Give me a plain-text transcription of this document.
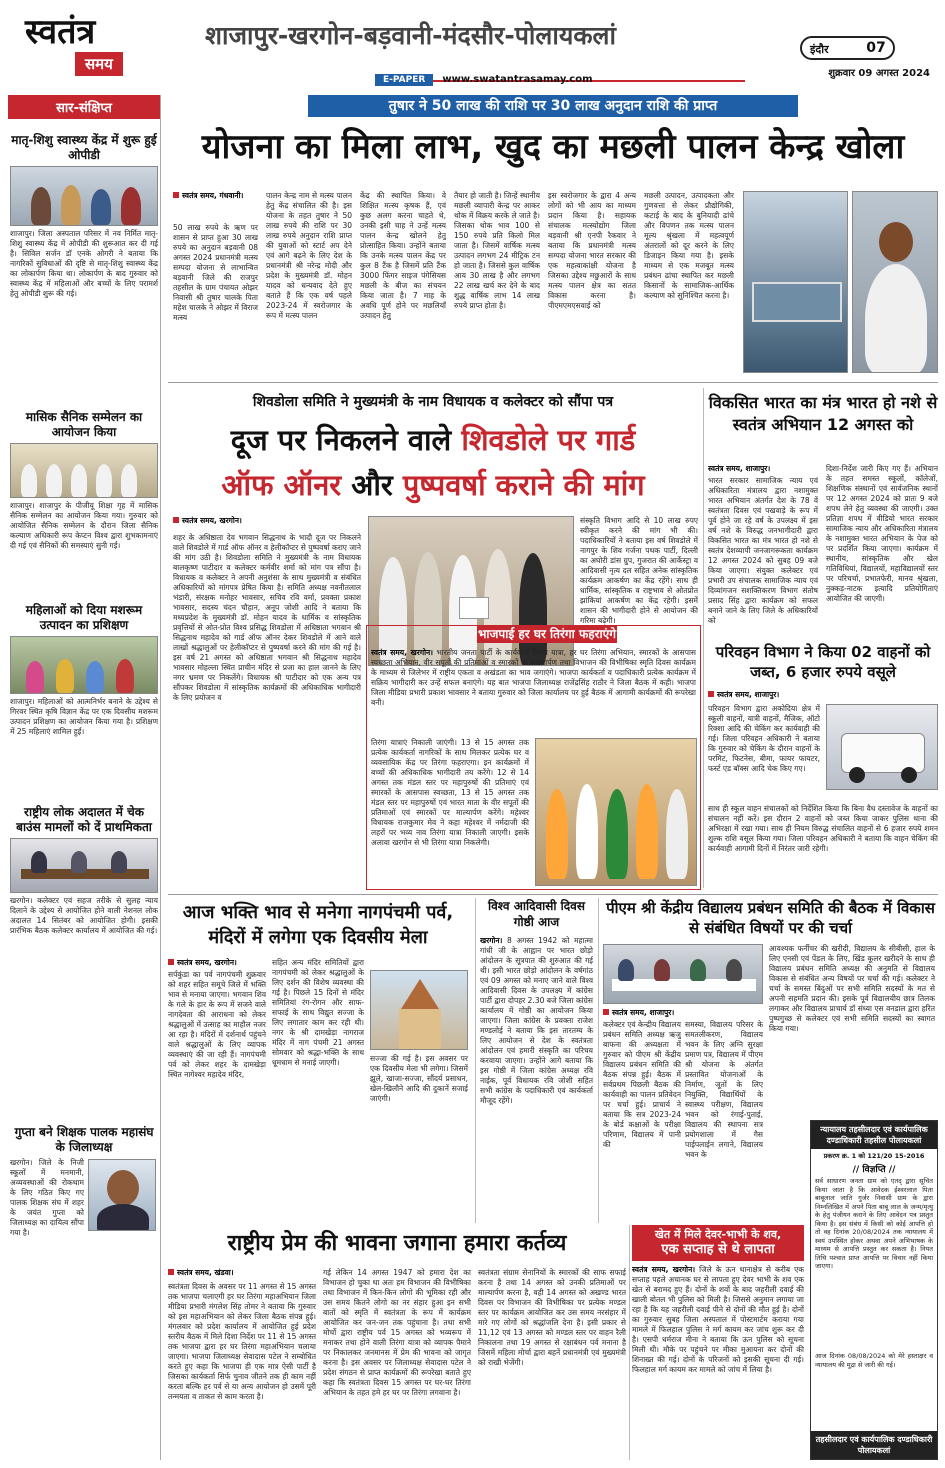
स्वतंत्र
समय
शाजापुर-खरगोन-बड़वानी-मंदसौर-पोलायकलां	इंदौर	07
शुक्रवार 09 अगस्त 2024
E-PAPER www.swatantrasamay.com
सार-संक्षिप्त
मातृ-शिशु स्वास्थ्य केंद्र में शुरू हुई ओपीडी
शाजापुर। जिला अस्पताल परिसर में नव निर्मित मातृ-शिशु स्वास्थ्य केंद्र में ओपीडी की शुरूआत कर दी गई है। सिविल सर्जन डॉ एनके ओगरी ने बताया कि नागरिकों सुविधाओं की दृष्टि से मातृ-शिशु स्वास्थ्य केंद्र का लोकार्पण किया था। लोकार्पण के बाद गुरुवार को स्वास्थ्य केंद्र में महिलाओं और बच्चों के लिए परामर्श हेतु ओपीडी शुरू की गई।
मासिक सैनिक सम्मेलन का आयोजन किया
शाजापुर। शाजापुर के पीजीयू शिक्षा गृह में मासिक सैनिक सम्मेलन का आयोजन किया गया। गुरुवार को आयोजित सैनिक सम्मेलन के दौरान जिला सैनिक कल्याण अधिकारी रूप केप्टन विश्व द्वारा शुभकामनाएं दी गई एवं सैनिकों की समस्याएं सुनी गईं।
महिलाओं को दिया मशरूम उत्पादन का प्रशिक्षण
शाजापुर। महिलाओं को आत्मनिर्भर बनाने के उद्देश्य से गिरवर स्थित कृषि विज्ञान केंद्र पर एक दिवसीय मशरूम उत्पादन प्रशिक्षण का आयोजन किया गया है। प्रशिक्षण में 25 महिलाएं शामिल हुईं।
राष्ट्रीय लोक अदालत में चेक बाउंस मामलों को दें प्राथमिकता
खरगोन। कलेक्टर एवं सहज तरीके से सुलह न्याय दिलाने के उद्देश्य से आयोजित होने वाली नेशनल लोक अदालत 14 सितंबर को आयोजित होगी। इसकी प्रारंभिक बैठक कलेक्टर कार्यालय में आयोजित की गई।
गुप्ता बने शिक्षक पालक महासंघ के जिलाध्यक्ष
खरगोन। जिले के निजी स्कूलों में मनमानी, अव्यवस्थाओं की रोकथाम के लिए गठित किए गए पालक शिक्षक संघ में शहर के जयंत गुप्ता को जिलाध्यक्ष का दायित्व सौंपा गया है।
तुषार ने 50 लाख की राशि पर 30 लाख अनुदान राशि की प्राप्त
योजना का मिला लाभ, खुद का मछली पालन केन्द्र खोला
स्वतंत्र समय, गंधवानी।
50 लाख रुपये के ऋण पर शासन से प्राप्त हुआ 30 लाख रुपये का अनुदान बड़वानी 08 अगस्त 2024 प्रधानमंत्री मत्स्य सम्पदा योजना से लाभान्वित बड़वानी जिले की राजपुर तहसील के ग्राम पंचायत ओझर निवासी श्री तुषार चालके पिता महेश चालके ने ओझर में विराज मत्स्य
पालन केन्द्र नाम से मत्स्य पालन हेतु केंद्र संचालित की है। इस योजना के तहत तुषार ने 50 लाख रुपये की राशि पर 30 लाख रुपये अनुदान राशि प्राप्त की युवाओं को स्टार्ट अप देने एवं आगे बढ़ने के लिए देश के प्रधानमंत्री श्री नरेन्द्र मोदी और प्रदेश के मुख्यमंत्री डॉ. मोहन यादव को धन्यवाद देते हुए बताते हैं कि एक वर्ष पहले 2023-24 में स्वरोजगार के रूप में मत्स्य पालन
केंद्र की स्थापित किया। वे शिक्षित मत्स्य कृषक हैं, एवं कुछ अलग करना चाहते थे, उनकी इसी चाह ने उन्हें मत्स्य पालन केन्द्र खोलने हेतु प्रोत्साहित किया। उन्होंने बताया कि उनके मत्स्य पालन केंद्र पर कुल 8 टैंक है जिसमें प्रति टैंक 3000 फिंगर साइज पंगेसियस मछली के बीज का संचयन किया जाता है। 7 माह के अवधि पूर्ण होने पर मछलियाँ उत्पादन हेतु
तैयार हो जाती है। जिन्हें स्थानीय मछली व्यापारी केन्द्र पर आकर थोक में विक्रय करके ले जाते है। जिसका थोक भाव 100 से 150 रुपये प्रति किलो मिल जाता है। जिसमें वार्षिक मत्स्य उत्पादन लगभग 24 मीट्रिक टन हो जाता है। जिससे कुल वार्षिक आय 30 लाख है और लगभग 22 लाख खर्च कर देने के बाद शुद्ध वार्षिक लाभ 14 लाख रुपये प्राप्त होता है।
इस स्वरोजगार के द्वारा 4 अन्य लोगों को भी आय का माध्यम प्रदान किया है। सहायक संचालक मत्स्योद्योग जिला बड़वानी श्री एनपी रैकवार ने बताया कि प्रधानमंत्री मत्स्य सम्पदा योजना भारत सरकार की एक महत्वाकांक्षी योजना है जिसका उद्देश्य मछुआरों के साथ मत्स्य पालन क्षेत्र का सतत विकास करना है। पीएमएमएसवाई को
मछली उत्पादन, उत्पादकता और गुणवत्ता से लेकर प्रौद्योगिकी, कटाई के बाद के बुनियादी ढांचे और विपणन तक मत्स्य पालन मूल्य श्रृंखला में महत्वपूर्ण अंतरालों को दूर करने के लिए डिजाइन किया गया है। इसके माध्यम से एक मजबूत मत्स्य प्रबंधन ढांचा स्थापित कर मछली किसानों के सामाजिक-आर्थिक कल्याण को सुनिश्चित करना है।
शिवडोला समिति ने मुख्यमंत्री के नाम विधायक व कलेक्टर को सौंपा पत्र
दूज पर निकलने वाले शिवडोले पर गार्ड
ऑफ ऑनर और पुष्पवर्षा कराने की मांग
स्वतंत्र समय, खरगोन।
शहर के अधिष्ठाता देव भगवान सिद्धनाथ के भादौ दूज पर निकलने वाले शिवडोले में गार्ड ऑफ ऑनर व हेलीकॉप्टर से पुष्पवर्षा कराए जाने की मांग उठी है। शिवडोला समिति ने मुख्यमंत्री के नाम विधायक बालकृष्ण पाटीदार व कलेक्टर कर्मवीर शर्मा को मांग पत्र सौंपा है। विधायक व कलेक्टर ने अपनी अनुशंसा के साथ मुख्यमंत्री व संबंधित अधिकारियों को मांगपत्र प्रेषित किया है। समिति अध्यक्ष नवनीतलाल भंडारी, संरक्षक मनोहर भावसार, सचिव रवि वर्मा, प्रवक्ता प्रकाश भावसार, सदस्य चंदन चौहान, अनूप जोशी आदि ने बताया कि मध्यप्रदेश के मुख्यमंत्री डॉ. मोहन यादव के धार्मिक व सांस्कृतिक प्रवृत्तियों से ओत-प्रोत विश्व प्रसिद्ध शिवडोला में अधिष्ठाता भगवान श्री सिद्धनाथ महादेव को गार्ड ऑफ ऑनर देकर शिवडोले में आने वाले लाखों श्रद्धालुओं पर हेलीकॉप्टर से पुष्पवर्षा करने की मांग की गई है। इस वर्ष 21 अगस्त को अधिष्ठाता भगवान श्री सिद्धनाथ महादेव भावसार मोहल्ला स्थित प्राचीन मंदिर से प्रजा का हाल जानने के लिए नगर भ्रमण पर निकलेंगे। विधायक श्री पाटीदार को एक अन्य पत्र सौंपकर शिवडोला में सांस्कृतिक कार्यक्रमों की अधिकाधिक भागीदारी के लिए प्रयोजन व
संस्कृति विभाग आदि से 10 लाख रुपए स्वीकृत करने की मांग भी की। पदाधिकारियों ने बताया इस वर्ष शिवडोले में नागपुर के शिव गर्जना पथक पार्टी, दिल्ली का अघोरी डांस ग्रुप, गुजरात की आर्केस्ट्रा व आदिवासी नृत्य दल सहित अनेक सांस्कृतिक कार्यक्रम आकर्षण का केंद्र रहेंगे। साथ ही धार्मिक, सांस्कृतिक व राष्ट्रभाव से ओतप्रोत झांकियां आकर्षण का केंद्र रहेगी। इसमें शासन की भागीदारी होने से आयोजन की गरिमा बढ़ेगी।
भाजपाई हर घर तिरंगा फहराएंगे
स्वतंत्र समय, खरगोन। भारतीय जनता पार्टी के कार्यकर्ता तिरंगा यात्रा, हर घर तिरंगा अभियान, स्मारकों के आसपास स्वच्छता अभियान, वीर सपूतों की प्रतिमाओं व स्मारकों पर माल्यार्पण तथा विभाजन की विभीषिका स्मृति दिवस कार्यक्रम के माध्यम से जिलेभर में राष्ट्रीय एकता व अखंडता का भाव जगाएंगे। भाजपा कार्यकर्ता व पदाधिकारी प्रत्येक कार्यक्रम में सक्रिय भागीदारी कर उन्हें सफल बनाएंगे। यह बात भाजपा जिलाध्यक्ष राजेंद्रसिंह राठौर ने जिला बैठक में कही। भाजपा जिला मीडिया प्रभारी प्रकाश भावसार ने बताया गुरुवार को जिला कार्यालय पर हुई बैठक में आगामी कार्यक्रमों की रूपरेखा बनी।
तिरंगा यात्राएं निकाली जाएंगी। 13 से 15 अगस्त तक प्रत्येक कार्यकर्ता नागरिकों के साथ मिलकर प्रत्येक घर व व्यवसायिक केंद्र पर तिरंगा फहराएगा। इन कार्यक्रमों में बच्चों की अधिकाधिक भागीदारी तय करेंगे। 12 से 14 अगस्त तक मंडल स्तर पर महापुरुषों की प्रतिमाएं एवं स्मारकों के आसपास स्वच्छता, 13 से 15 अगस्त तक मंडल स्तर पर महापुरुषों एवं भारत माता के वीर सपूतों की प्रतिमाओं एवं स्मारकों पर माल्यार्पण करेंगे। महेश्वर विधायक राजकुमार मेव ने कहा महेश्वर में नर्मदाजी की लहरों पर भव्य नाव तिरंगा यात्रा निकाली जाएगी। इसके अलावा खरगोन से भी तिरंगा यात्रा निकलेगी।
विकसित भारत का मंत्र भारत हो नशे से स्वतंत्र अभियान 12 अगस्त को
स्वतंत्र समय, शाजापुर।
भारत सरकार सामाजिक न्याय एवं अधिकारिता मंत्रालय द्वारा नशामुक्त भारत अभियान अंतर्गत देश के 78 वें स्वतंत्रता दिवस एवं पखवाड़े के रूप में पूर्व होने जा रहे वर्ष के उपलक्ष्य में इस वर्ष नशे के विरुद्ध जनभागीदारी द्वारा विकसित भारत का मंत्र भारत हो नशे से स्वतंत्र देशव्यापी जनजागरूकता कार्यक्रम 12 अगस्त 2024 को सुबह 09 बजे किया जाएगा। संयुक्त कलेक्टर एवं प्रभारी उप संचालक सामाजिक न्याय एवं दिव्यांगजन सशक्तिकरण विभाग संतोष प्रसाद सिंह द्वारा कार्यक्रम को सफल बनाने जाने के लिए जिले के अधिकारियों को
दिशा-निर्देश जारी किए गए हैं। अभियान के तहत समस्त स्कूलों, कॉलेजों, शिक्षणिक संस्थानों एवं सार्वजनिक स्थानों पर 12 अगस्त 2024 को प्रातः 9 बजे शपथ लेने हेतु व्यवस्था की जाएगी। उक्त प्रतिज्ञा शपथ में वीडियो भारत सरकार सामाजिक न्याय और अधिकारिता मंत्रालय के नशामुक्त भारत अभियान के पेज को पर प्रदर्शित किया जाएगा। कार्यक्रम में स्थानीय, सांस्कृतिक और खेल गतिविधियां, विद्यालयों, महाविद्यालयों स्तर पर परिचर्चा, प्रभातफेरी, मानव श्रृंखला, नुक्कड़-नाटक इत्यादि प्रतियोगिताएं आयोजित की जाएगी।
परिवहन विभाग ने किया 02 वाहनों को जब्त, 6 हजार रुपये वसूले
स्वतंत्र समय, शाजापुर।
परिवहन विभाग द्वारा अकोदिया क्षेत्र में स्कूली वाहनों, यात्री वाहनों, मैजिक, ऑटो रिक्शा आदि की चेकिंग कर कार्यवाही की गई। जिला परिवहन अधिकारी ने बताया कि गुरुवार को चेकिंग के दौरान वाहनों के परमिट, फिटनेस, बीमा, फायर फायटर, फर्स्ट एड बॉक्स आदि चेक किए गए।
साथ ही स्कूल वाहन संचालकों को निर्देशित किया कि बिना वैध दस्तावेज के वाहनों का संचालन नहीं करें। इस दौरान 2 वाहनों को जब्त किया जाकर पुलिस थाना की अभिरक्षा में रखा गया। साथ ही नियम विरुद्ध संचालित वाहनों से 6 हजार रुपये शमन शुल्क राशि वसूल किया गया। जिला परिवहन अधिकारी ने बताया कि वाहन चेकिंग की कार्यवाही आगामी दिनों में निरंतर जारी रहेगी।
आज भक्ति भाव से मनेगा नागपंचमी पर्व, मंदिरों में लगेगा एक दिवसीय मेला
स्वतंत्र समय, खरगोन।
सर्पकुंडा का पर्व नागपंचमी शुक्रवार को शहर सहित समूचे जिले में भक्ति भाव से मनाया जाएगा। भगवान शिव के गले के हार के रूप में सजने वाले नागदेवता की आराधना को लेकर श्रद्धालुओं में उत्साह का माहौल नजर आ रहा है। मंदिरों में दर्शनार्थ पहुंचने वाले श्रद्धालुओं के लिए व्यापक व्यवस्थाएं की जा रही हैं। नागपंचमी पर्व को लेकर शहर के दामखेड़ा स्थित नागेश्वर महादेव मंदिर,
सहित अन्य मंदिर समितियों द्वारा नागपंचमी को लेकर श्रद्धालुओं के लिए दर्शन की विशेष व्यवस्था की गई है। पिछले 15 दिनों से मंदिर समितियां रंग-रोगन और साफ-सफाई के साथ विद्युत सज्जा के लिए लगातार काम कर रही थी। नगर के श्री दामखेड़ा नागराज मंदिर में नाग पंचमी 21 अगस्त सोमवार को श्रद्धा-भक्ति के साथ धूमधाम से मनाई जाएगी।	सज्जा की गई है। इस अवसर पर एक दिवसीय मेला भी लगेगा। जिसमें झूले, खाजा-सज्जा, सौंदर्य प्रसाधन, खेल-खिलौने आदि की दुकानें सजाई जाएंगी।
विश्व आदिवासी दिवस गोष्ठी आज
खरगोन। 8 अगस्त 1942 को महात्मा गांधी जी के आह्वान पर भारत छोड़ो आंदोलन के सूत्रपात की शुरुआत की गई थी। इसी भारत छोड़ो आंदोलन के वर्षगांठ एवं 09 अगस्त को मनाए जाने वाले विश्व आदिवासी दिवस के उपलक्ष्य में कांग्रेस पार्टी द्वारा दोपहर 2.30 बजे जिला कांग्रेस कार्यालय में गोष्ठी का आयोजन किया जाएगा। जिला कांग्रेस के प्रवक्ता राजेश मण्डलोई ने बताया कि इस तारतम्य के लिए आयोजन से देश के स्वतंत्रता आंदोलन एवं हमारी संस्कृति का परिचय करवाया जाएगा। उन्होंने आगे बताया कि इस गोष्ठी में जिला कांग्रेस अध्यक्ष रवि नाईक, पूर्व विधायक रवि जोशी सहित सभी कांग्रेस के पदाधिकारी एवं कार्यकर्ता मौजूद रहेंगे।
पीएम श्री केंद्रीय विद्यालय प्रबंधन समिति की बैठक में विकास से संबंधित विषयों पर की चर्चा
आवश्यक फर्नीचर की खरीदी, विद्यालय के सीबीसी, हाल के लिए एनसी एवं पेंडल के लिए, खिंड कूलर खरीदने के साथ ही विद्यालय प्रबंधन समिति अध्यक्ष की अनुमति से विद्यालय विकास से संबंधित अन्य विषयों पर चर्चा की गई। कलेक्टर ने चर्चा के समस्त बिंदुओं पर सभी समिति सदस्यों के मत से अपनी सहमति प्रदान की। इसके पूर्व विद्यालयीय छात्र तिलक लगाकर और विद्यालय प्राचार्य डॉ संध्या एस वनडाल द्वारा हरित पुष्पगुच्छ से कलेक्टर एवं सभी समिति सदस्यों का स्वागत किया गया।
स्वतंत्र समय, शाजापुर।
कलेक्टर एवं केन्द्रीय विद्यालय प्रबंधन समिति अध्यक्ष ऋजु बाफना की अध्यक्षता में गुरुवार को पीएम श्री केंद्रीय विद्यालय प्रबंधन समिति की बैठक संपन्न हुई। बैठक में सर्वप्रथम पिछली बैठक की कार्यवाही का पालन प्रतिवेदन पर चर्चा हुई। प्राचार्य ने बताया कि सत्र 2023-24 के बोर्ड कक्षाओं के परीक्षा परिणाम, विद्यालय में पानी की
समस्या, विद्यालय परिसर के समतलीकरण, विद्यालय भवन के लिए अग्नि सुरक्षा प्रमाण पत्र, विद्यालय में पीएम श्री योजना के अंतर्गत प्रस्तावित योजनाओं के निर्माण, जूतों के लिए नियुक्ति, विद्यार्थियों के स्वास्थ्य परीक्षण, विद्यालय भवन को रंगाई-पुताई, विद्यालय की स्थापना सत्र प्रयोगशाला में गैस पाईपलाईन लगाने, विद्यालय भवन के
न्यायालय तहसीलदार एवं कार्यपालिक दण्डाधिकारी तहसील पोलायकलां
प्रकरण क्र. 1 को 121/20 15-2016
// विज्ञप्ति //
सर्व साधारण जनता ग्राम को एतद् द्वारा सूचित किया जाता है कि आवेदक ईश्वरलाल पिता बाबूलाल जाति गुर्जर निवासी ग्राम के द्वारा निम्नलिखित में अपने पिता बाबू लाल के जन्म/मृत्यु के हेतु पंजीयन कराने के लिए आवेदन पत्र प्रस्तुत किया है। इस संबंध में किसी को कोई आपत्ति हो तो वह दिनांक 20/08/2024 तक न्यायालय में स्वयं उपस्थित होकर अथवा अपने अभिभाषक के माध्यम से आपत्ति प्रस्तुत कर सकता है। नियत तिथि पश्चात प्राप्त आपत्ति पर विचार नहीं किया जाएगा।
आज दिनांक 08/08/2024 को मेरे हस्ताक्षर व न्यायालय की मुद्रा से जारी की गई।
तहसीलदार एवं कार्यपालिक दण्डाधिकारी पोलायकलां
खेत में मिले देवर-भाभी के शव,
एक सप्ताह से थे लापता
स्वतंत्र समय, खरगोन। जिले के ऊन थानाक्षेत्र से करीब एक सप्ताह पहले अचानक घर से लापता हुए देवर भाभी के शव एक खेत से बरामद हुए हैं। दोनों के शवों के बाद जहरीली दवाई की खाली बोतल भी पुलिस को मिली है। जिससे अनुमान लगाया जा रहा है कि यह जहरीली दवाई पीने से दोनों की मौत हुई है। दोनों का गुरुवार सुबह जिला अस्पताल में पोस्टमार्टम कराया गया मामले में फिलहाल पुलिस ने मर्ग कायम कर जांच शुरू कर दी है। एसपी धर्मराज मीना ने बताया कि ऊन पुलिस को सूचना मिली थी। मौके पर पहुंचने पर मीका मुआयना कर दोनों की शिनाख्त की गई। दोनों के परिजनों को इसकी सूचना दी गई। फिलहाल मर्ग कायम कर मामले को जांच में लिया है।
राष्ट्रीय प्रेम की भावना जगाना हमारा कर्तव्य
स्वतंत्र समय, खंडवा।
स्वतंत्रता दिवस के अवसर पर 11 अगस्त से 15 अगस्त तक भाजपा चलाएगी हर घर तिरंगा महाअभियान जिला मीडिया प्रभारी मंगलेश सिंह तोमर ने बताया कि गुरुवार को इस महाअभियान को लेकर जिला बैठक संपन्न हुई। मंगलवार को प्रदेश कार्यालय में आयोजित हुई प्रदेश स्तरीय बैठक में मिले दिशा निर्देश पर 11 से 15 अगस्त तक भाजपा द्वारा हर घर तिरंगा महाअभियान चलाया जाएगा। भाजपा जिलाध्यक्ष सेवादास पटेल ने सम्बोधित करते हुए कहा कि भाजपा ही एक मात्र ऐसी पार्टी है जिसका कार्यकर्ता सिर्फ चुनाव जीतने तक ही काम नहीं करता बल्कि हर पर्व से या अन्य आयोजन हो उसमें पूरी तन्मयता व ताकत से काम करता है।
गई लेकिन 14 अगस्त 1947 को हमारा देश का विभाजन हो चुका था अतः हम विभाजन की विभीषिका तथा विभाजन में किन-किन लोगो की भूमिका रही और उस समय कितने लोगो का नर संहार हुआ इन सभी बातों को स्मृति में स्वतंत्रता के रूप में कार्यक्रम आयोजित कर जन-जन तक पहुंचाना है। तथा सभी मोर्चो द्वारा राष्ट्रीय पर्व 15 अगस्त को भव्यरूप में मनाकर तथा होने वाली तिरंगा यात्रा को व्यापक पैमाने पर निकालकर जनमानस में प्रेम की भावना को जागृत करना है। इस अवसर पर जिलाध्यक्ष सेवादास पटेल ने प्रदेश संगठन से प्राप्त कार्यक्रमों की रूपरेखा बताते हुए कहा कि स्वतंत्रता दिवस 15 अगस्त पर घर-घर तिरंगा अभियान के तहत हमे हर घर पर तिरंगा लगवाना है।
स्वतंत्रता संग्राम सेनानियों के स्मारकों की साफ सफाई करना है तथा 14 अगस्त को उनकी प्रतिमाओं पर माल्यार्पण करना है, वही 14 अगस्त को अखण्ड भारत दिवस पर विभाजन की विभीषिका पर प्रत्येक मण्डल स्तर पर कार्यक्रम आयोजित कर उस समय नरसंहार में मारे गए लोगों को श्रद्धांजलि देना है। इसी प्रकार से 11,12 एवं 13 अगस्त को मण्डल स्तर पर वाहन रैली निकालना तथा 19 अगस्त से रक्षाबंधन पर्व मनाना है जिसमें महिला मोर्चा द्वारा बहनें प्रधानमंत्री एवं मुख्यमंत्री को राखी भेजेंगी।
